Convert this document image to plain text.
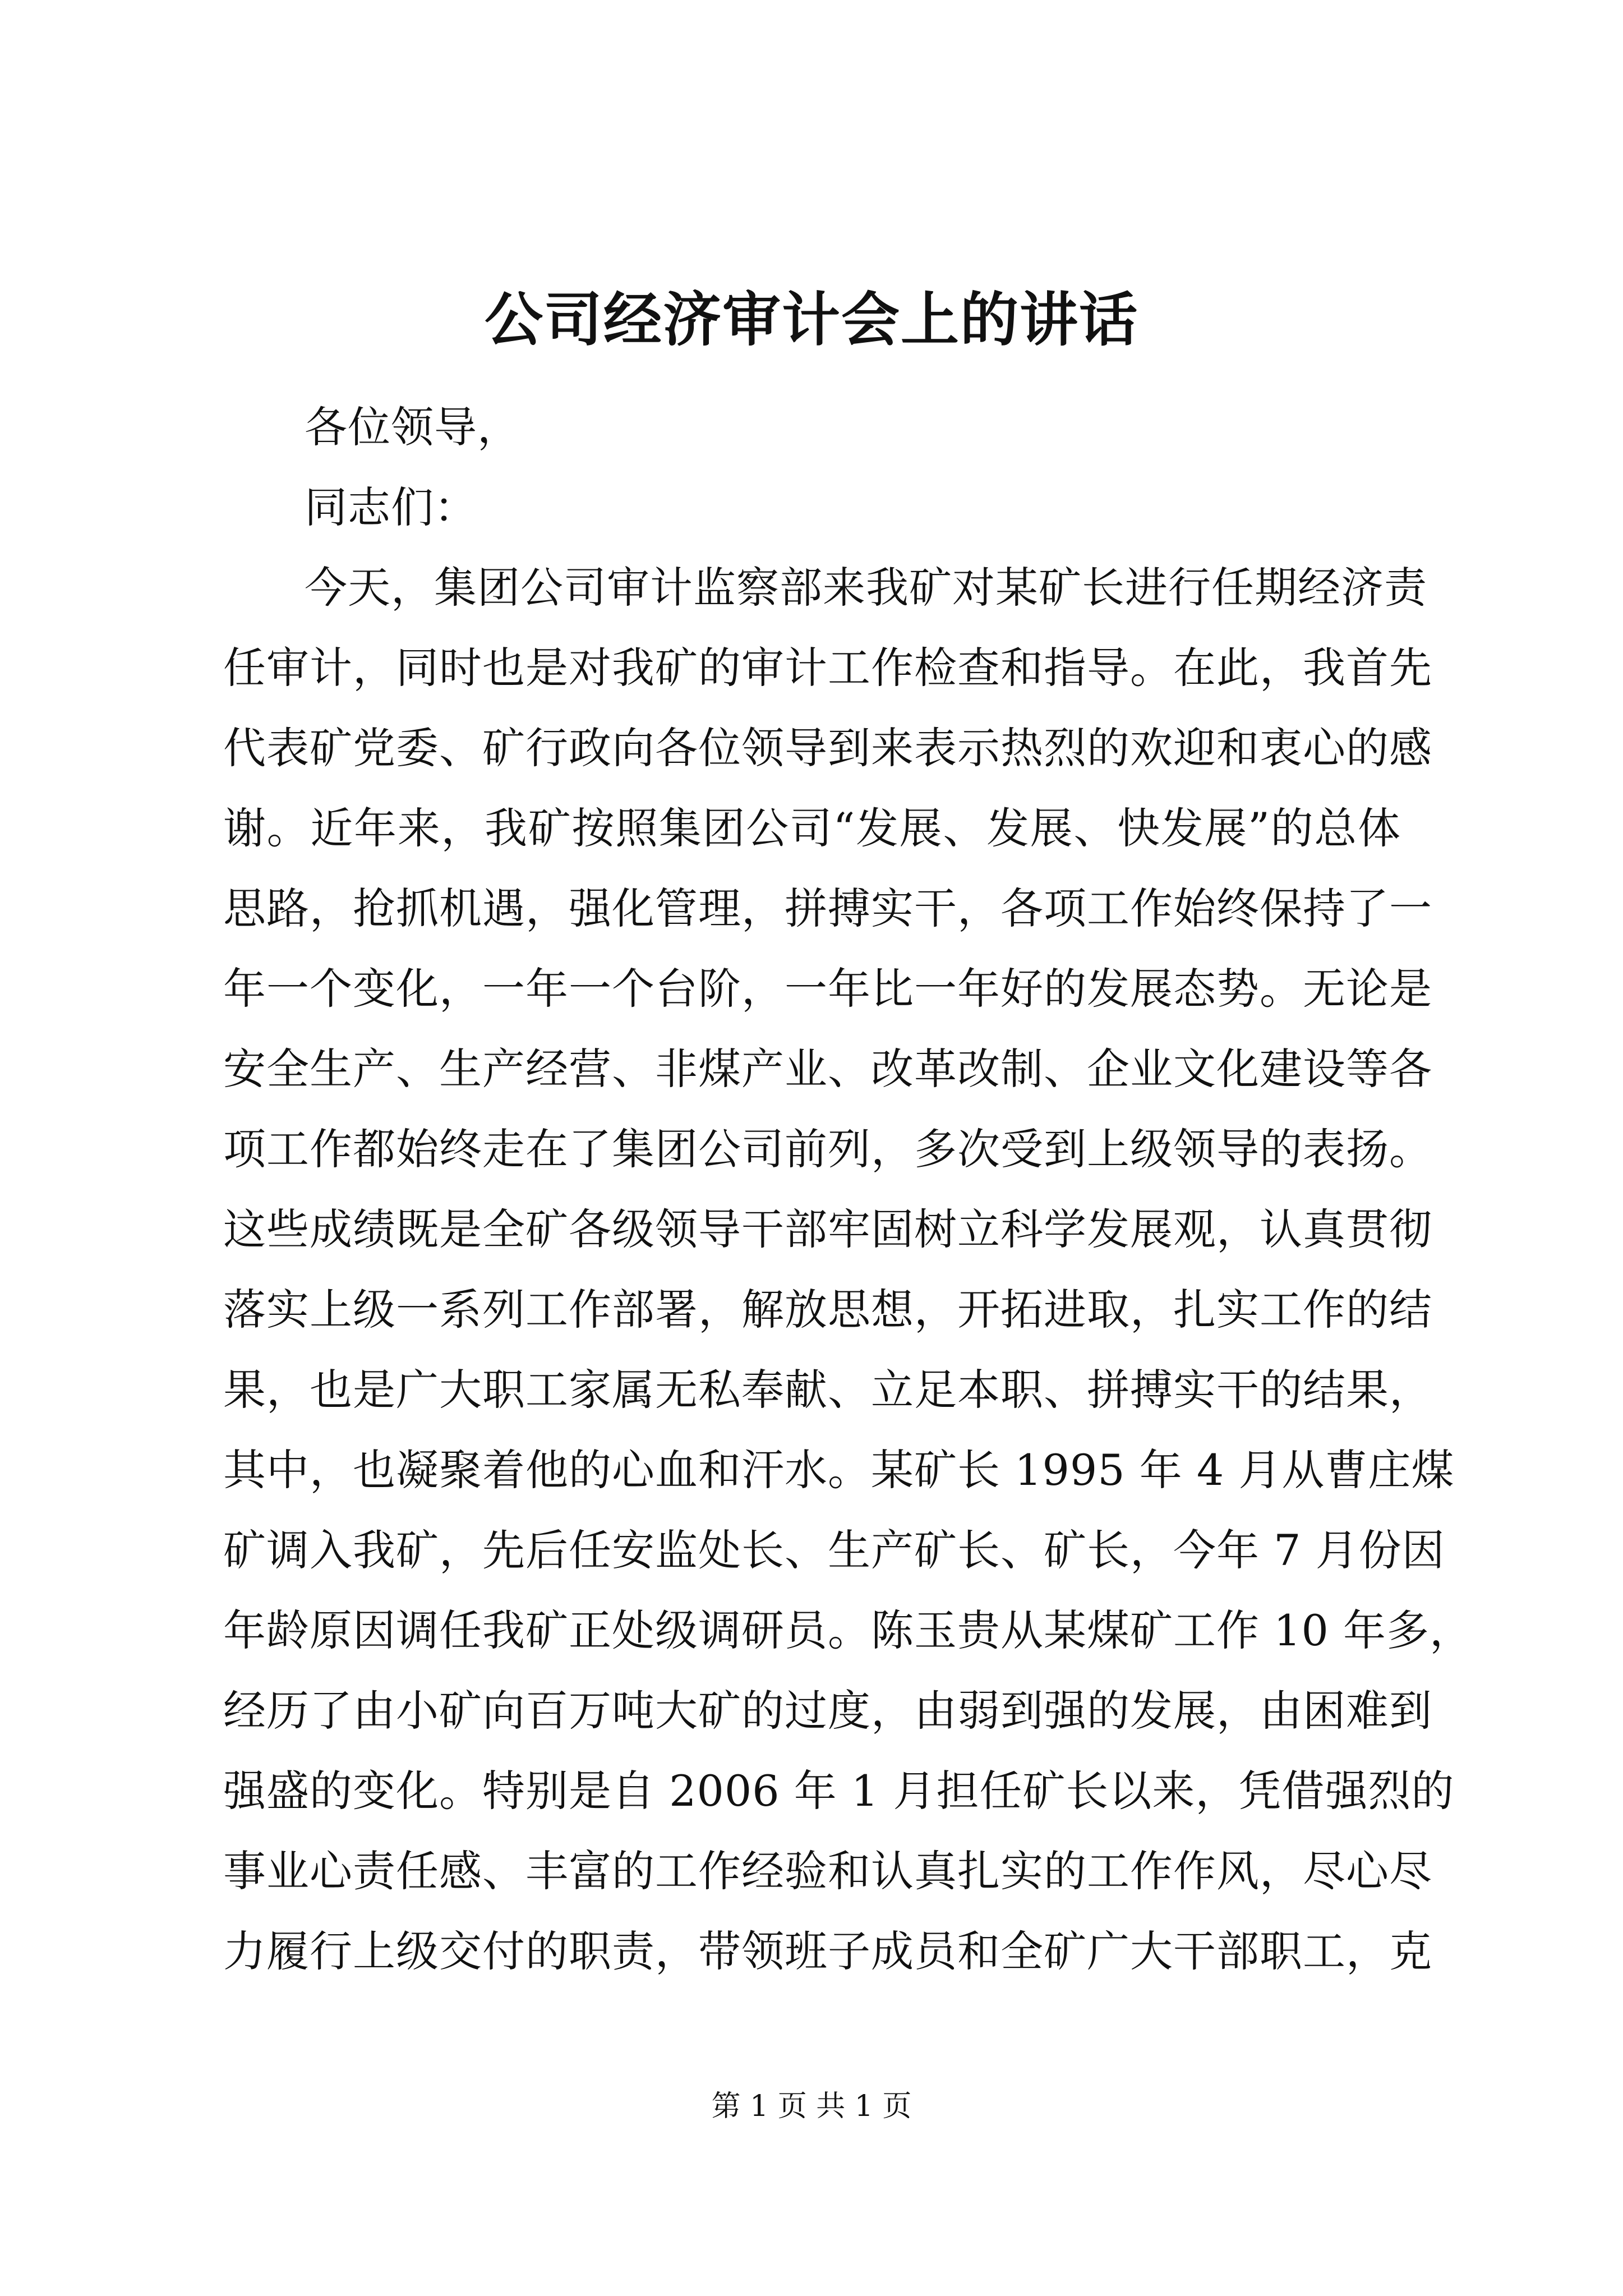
公司经济审计会上的讲话
各位领导，
同志们：
今天，集团公司审计监察部来我矿对某矿长进行任期经济责
任审计，同时也是对我矿的审计工作检查和指导。在此，我首先
代表矿党委、矿行政向各位领导到来表示热烈的欢迎和衷心的感
谢。近年来，我矿按照集团公司“发展、发展、快发展”的总体
思路，抢抓机遇，强化管理，拼搏实干，各项工作始终保持了一
年一个变化，一年一个台阶，一年比一年好的发展态势。无论是
安全生产、生产经营、非煤产业、改革改制、企业文化建设等各
项工作都始终走在了集团公司前列，多次受到上级领导的表扬。
这些成绩既是全矿各级领导干部牢固树立科学发展观，认真贯彻
落实上级一系列工作部署，解放思想，开拓进取，扎实工作的结
果，也是广大职工家属无私奉献、立足本职、拼搏实干的结果，
其中，也凝聚着他的心血和汗水。某矿长 1995 年 4 月从曹庄煤
矿调入我矿，先后任安监处长、生产矿长、矿长，今年 7 月份因
年龄原因调任我矿正处级调研员。陈玉贵从某煤矿工作 10 年多，
经历了由小矿向百万吨大矿的过度，由弱到强的发展，由困难到
强盛的变化。特别是自 2006 年 1 月担任矿长以来，凭借强烈的
事业心责任感、丰富的工作经验和认真扎实的工作作风，尽心尽
力履行上级交付的职责，带领班子成员和全矿广大干部职工，克
第 1 页 共 1 页
